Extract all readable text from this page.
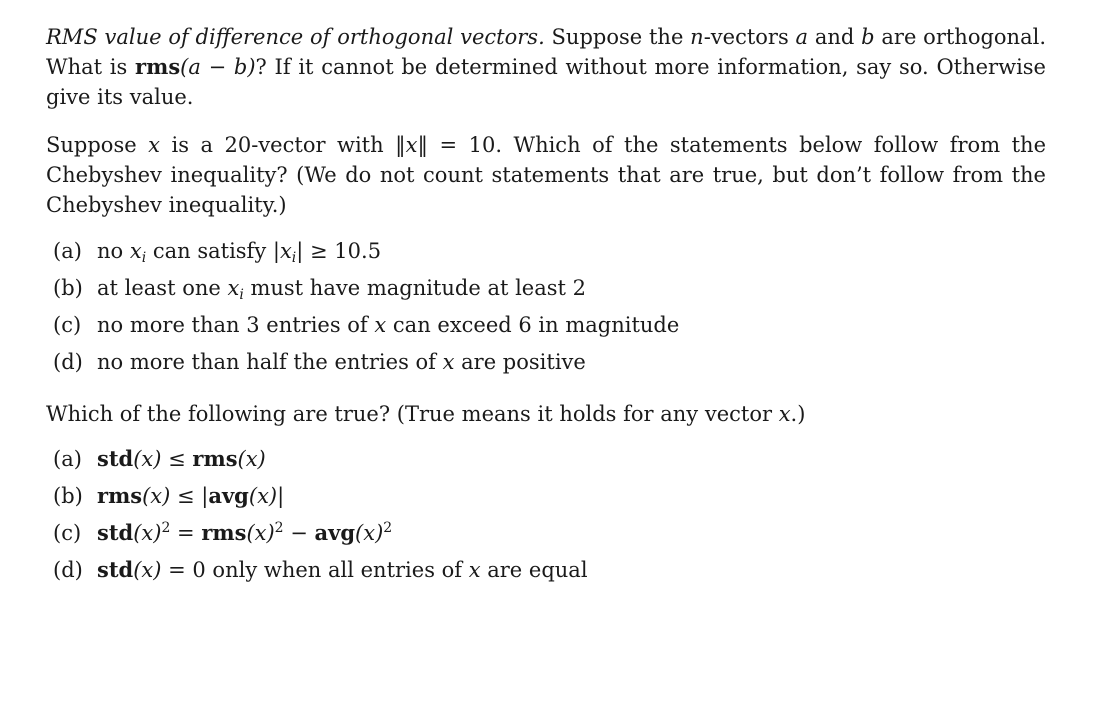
RMS value of difference of orthogonal vectors. Suppose the n-vectors a and b are orthogonal. What is rms(a − b)? If it cannot be determined without more information, say so. Otherwise give its value.

Suppose x is a 20-vector with ‖x‖ = 10. Which of the statements below follow from the Chebyshev inequality? (We do not count statements that are true, but don’t follow from the Chebyshev inequality.)

(a) no $x_i$ can satisfy $|x_i| \ge 10.5$
(b) at least one $x_i$ must have magnitude at least 2
(c) no more than 3 entries of x can exceed 6 in magnitude
(d) no more than half the entries of x are positive

Which of the following are true? (True means it holds for any vector x.)

(a) std(x) ≤ rms(x)
(b) rms(x) ≤ |avg(x)|
(c) $std(x)^2 = rms(x)^2 - avg(x)^2$
(d) std(x) = 0 only when all entries of x are equal
